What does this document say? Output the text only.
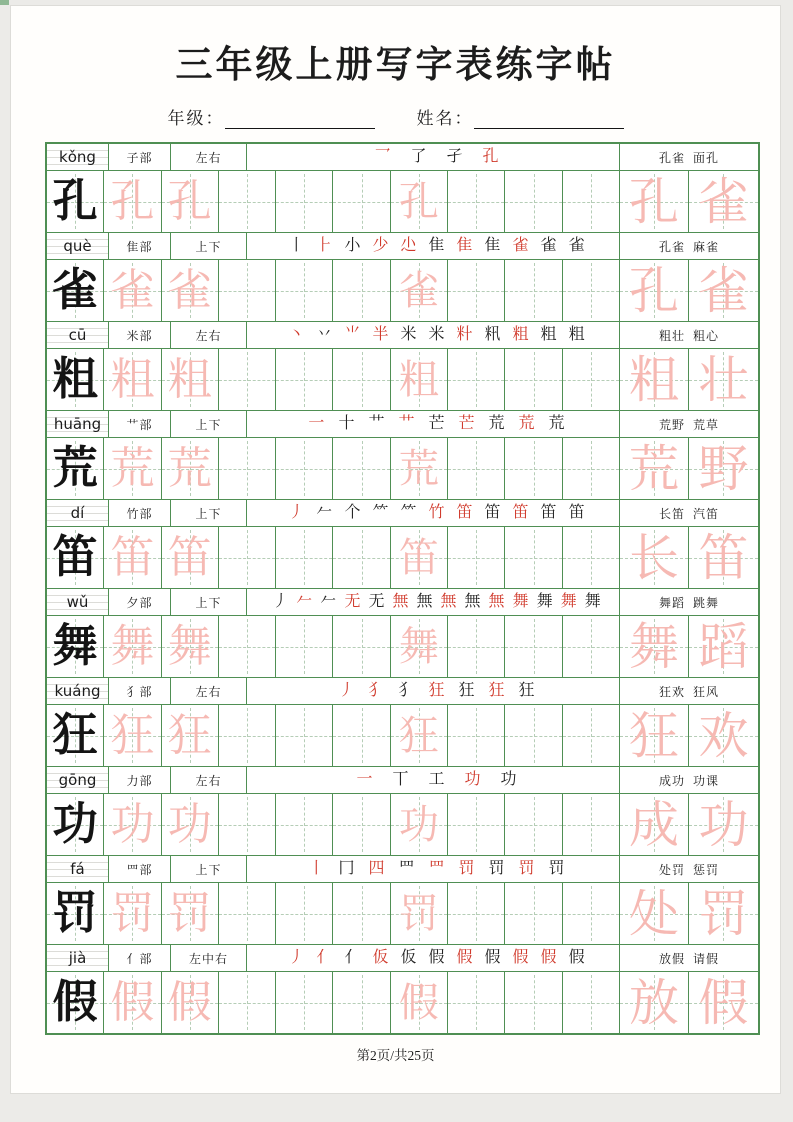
三年级上册写字表练字帖
年级：	姓名：
kǒng	子部	左右	乛 了 孑 孔	孔雀  面孔
孔 孔 孔	孔	孔 雀
què	隹部	上下	丨 ⺊ 小 少 尐 隹 隹 隹 雀 雀 雀	孔雀  麻雀
雀 雀 雀	雀	孔 雀
cū	米部	左右	丶 丷 ⺌ 半 米 米 籵 籸 粗 粗 粗	粗壮  粗心
粗 粗 粗	粗	粗 壮
huāng	艹部	上下	一 十 艹 艹 芒 芒 荒 荒 荒	荒野  荒草
荒 荒 荒	荒	荒 野
dí	竹部	上下	丿 𠂉 个 ⺮ ⺮ 竹 笛 笛 笛 笛 笛	长笛  汽笛
笛 笛 笛	笛	长 笛
wǔ	夕部	上下	丿 𠂉 𠂉 无 无 無 無 無 無 無 舞 舞 舞 舞	舞蹈  跳舞
舞 舞 舞	舞	舞 蹈
kuáng	犭部	左右	丿 犭 犭 狂 狂 狂 狂	狂欢  狂风
狂 狂 狂	狂	狂 欢
gōng	力部	左右	一 丅 工 功 功	成功  功课
功 功 功	功	成 功
fá	罒部	上下	丨 冂 四 罒 罒 罚 罚 罚 罚	处罚  惩罚
罚 罚 罚	罚	处 罚
jià	亻部	左中右	丿 亻 亻 仮 仮 假 假 假 假 假 假	放假  请假
假 假 假	假	放 假
第2页/共25页
